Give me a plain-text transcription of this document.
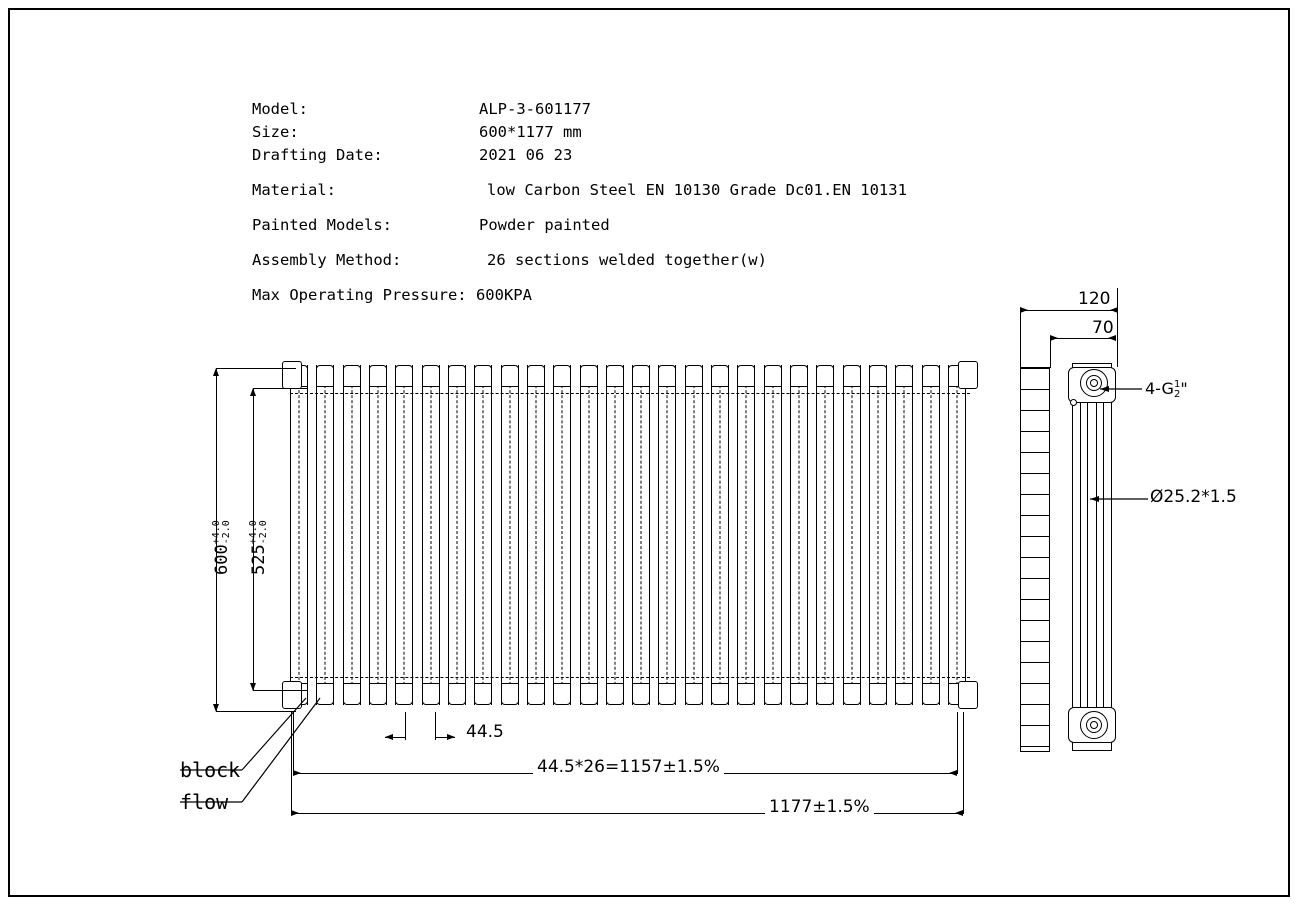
Model:	ALP-3-601177
Size:	600*1177 mm
Drafting Date:	2021 06 23
Material:	low Carbon Steel EN 10130 Grade Dc01.EN 10131
Painted Models:	Powder painted
Assembly Method:	26 sections welded together(w)
Max Operating Pressure: 600KPA
600
+4.0 -2.0
525
+4.0 -2.0
44.5
44.5*26=1157±1.5%
1177±1.5%
block
flow
120
70
4-G 1
2 "
Ø25.2*1.5
